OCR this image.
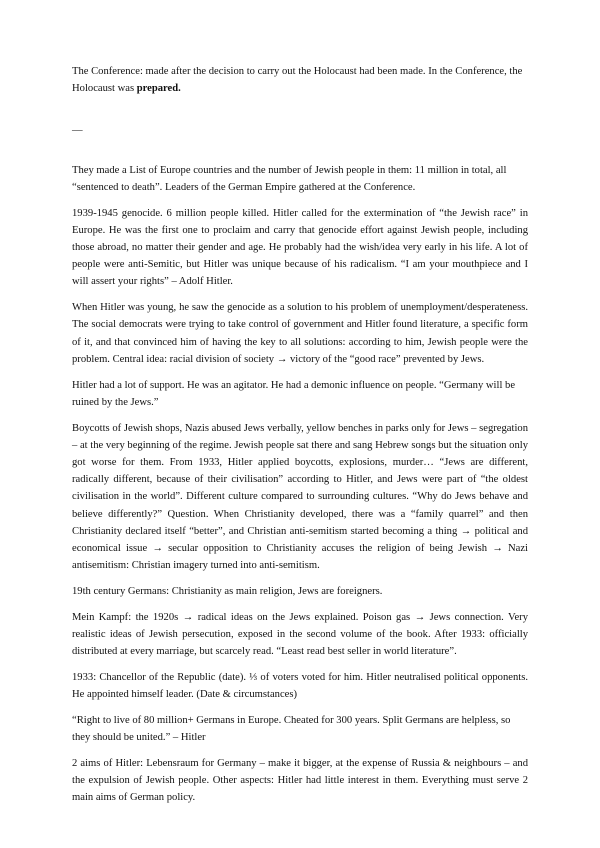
The Conference: made after the decision to carry out the Holocaust had been made. In the Conference, the Holocaust was prepared.

—

They made a List of Europe countries and the number of Jewish people in them: 11 million in total, all “sentenced to death”. Leaders of the German Empire gathered at the Conference.

1939-1945 genocide. 6 million people killed. Hitler called for the extermination of “the Jewish race” in Europe. He was the first one to proclaim and carry that genocide effort against Jewish people, including those abroad, no matter their gender and age. He probably had the wish/idea very early in his life. A lot of people were anti-Semitic, but Hitler was unique because of his radicalism. “I am your mouthpiece and I will assert your rights” – Adolf Hitler.

When Hitler was young, he saw the genocide as a solution to his problem of unemployment/desperateness. The social democrats were trying to take control of government and Hitler found literature, a specific form of it, and that convinced him of having the key to all solutions: according to him, Jewish people were the problem. Central idea: racial division of society → victory of the “good race” prevented by Jews.

Hitler had a lot of support. He was an agitator. He had a demonic influence on people. “Germany will be ruined by the Jews.”

Boycotts of Jewish shops, Nazis abused Jews verbally, yellow benches in parks only for Jews – segregation – at the very beginning of the regime. Jewish people sat there and sang Hebrew songs but the situation only got worse for them. From 1933, Hitler applied boycotts, explosions, murder… “Jews are different, radically different, because of their civilisation” according to Hitler, and Jews were part of “the oldest civilisation in the world”. Different culture compared to surrounding cultures. “Why do Jews behave and believe differently?” Question. When Christianity developed, there was a “family quarrel” and then Christianity declared itself “better”, and Christian anti-semitism started becoming a thing → political and economical issue → secular opposition to Christianity accuses the religion of being Jewish → Nazi antisemitism: Christian imagery turned into anti-semitism.

19th century Germans: Christianity as main religion, Jews are foreigners.

Mein Kampf: the 1920s → radical ideas on the Jews explained. Poison gas → Jews connection. Very realistic ideas of Jewish persecution, exposed in the second volume of the book. After 1933: officially distributed at every marriage, but scarcely read. “Least read best seller in world literature”.

1933: Chancellor of the Republic (date). ⅓ of voters voted for him. Hitler neutralised political opponents. He appointed himself leader. (Date & circumstances)

“Right to live of 80 million+ Germans in Europe. Cheated for 300 years. Split Germans are helpless, so they should be united.” – Hitler

2 aims of Hitler: Lebensraum for Germany – make it bigger, at the expense of Russia & neighbours – and the expulsion of Jewish people. Other aspects: Hitler had little interest in them. Everything must serve 2 main aims of German policy.
